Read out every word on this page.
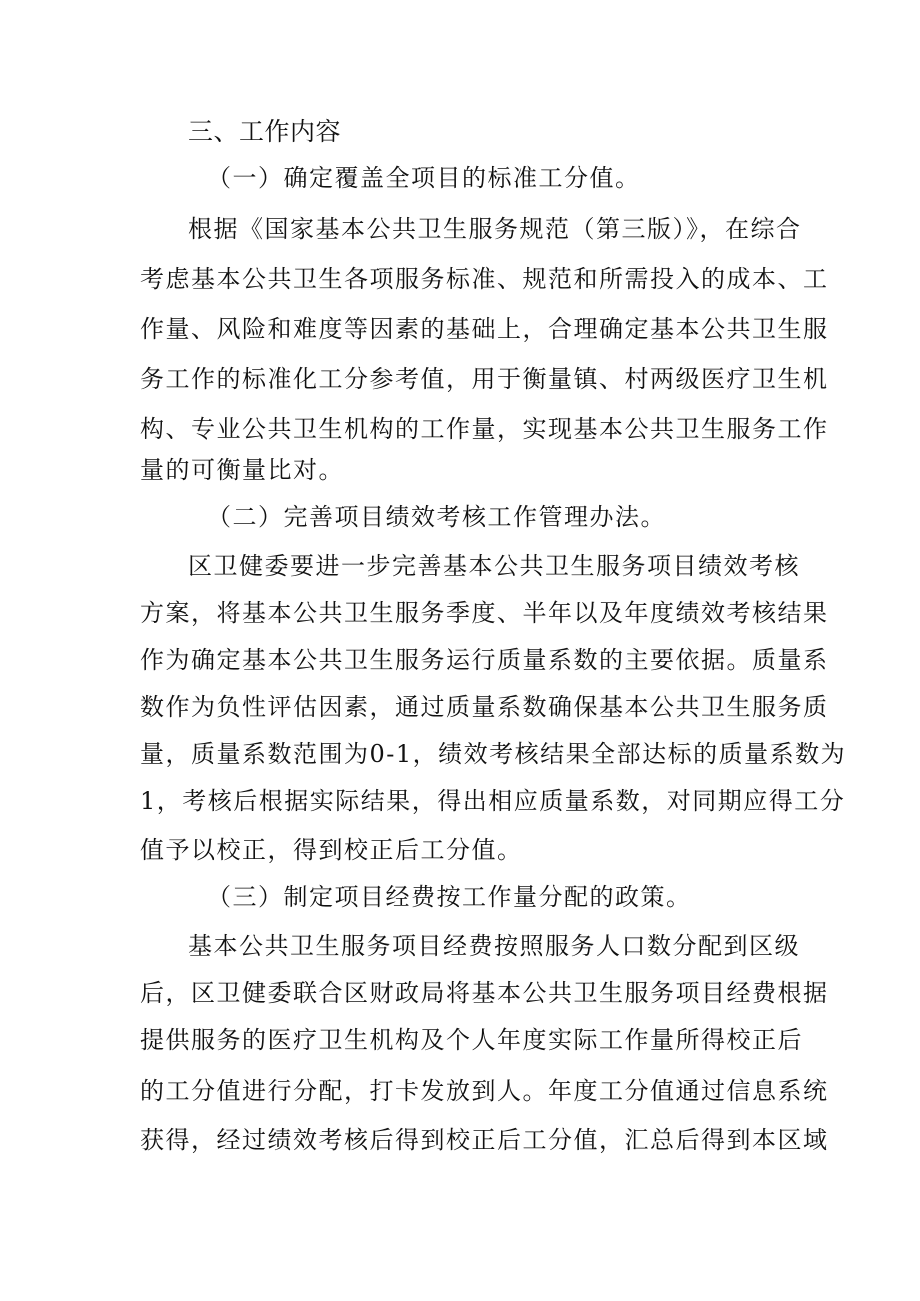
三、工作内容
（一）确定覆盖全项目的标准工分值。
根据《国家基本公共卫生服务规范（第三版）》，在综合
考虑基本公共卫生各项服务标准、规范和所需投入的成本、工
作量、风险和难度等因素的基础上，合理确定基本公共卫生服
务工作的标准化工分参考值，用于衡量镇、村两级医疗卫生机
构、专业公共卫生机构的工作量，实现基本公共卫生服务工作
量的可衡量比对。
（二）完善项目绩效考核工作管理办法。
区卫健委要进一步完善基本公共卫生服务项目绩效考核
方案，将基本公共卫生服务季度、半年以及年度绩效考核结果
作为确定基本公共卫生服务运行质量系数的主要依据。质量系
数作为负性评估因素，通过质量系数确保基本公共卫生服务质
量，质量系数范围为0-1，绩效考核结果全部达标的质量系数为
1，考核后根据实际结果，得出相应质量系数，对同期应得工分
值予以校正，得到校正后工分值。
（三）制定项目经费按工作量分配的政策。
基本公共卫生服务项目经费按照服务人口数分配到区级
后，区卫健委联合区财政局将基本公共卫生服务项目经费根据
提供服务的医疗卫生机构及个人年度实际工作量所得校正后
的工分值进行分配，打卡发放到人。年度工分值通过信息系统
获得，经过绩效考核后得到校正后工分值，汇总后得到本区域
